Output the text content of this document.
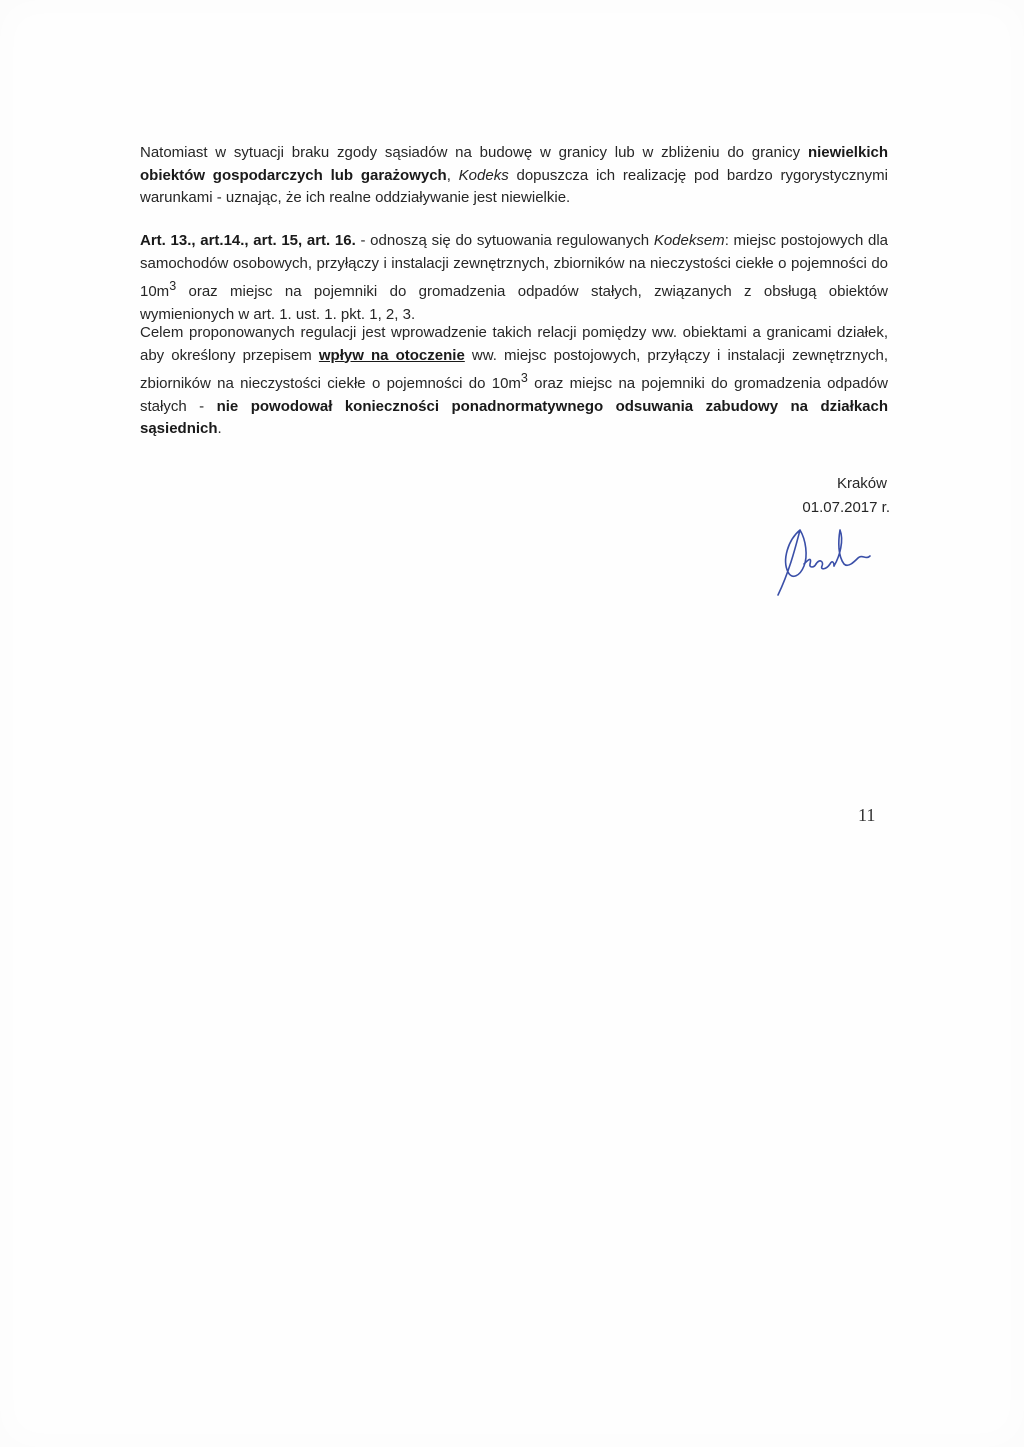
Natomiast w sytuacji braku zgody sąsiadów na budowę w granicy lub w zbliżeniu do granicy niewielkich obiektów gospodarczych lub garażowych, Kodeks dopuszcza ich realizację pod bardzo rygorystycznymi warunkami - uznając, że ich realne oddziaływanie jest niewielkie.

Art. 13., art.14., art. 15, art. 16. - odnoszą się do sytuowania regulowanych Kodeksem: miejsc postojowych dla samochodów osobowych, przyłączy i instalacji zewnętrznych, zbiorników na nieczystości ciekłe o pojemności do $10m^3$ oraz miejsc na pojemniki do gromadzenia odpadów stałych, związanych z obsługą obiektów wymienionych w art. 1. ust. 1. pkt. 1, 2, 3.

Celem proponowanych regulacji jest wprowadzenie takich relacji pomiędzy ww. obiektami a granicami działek, aby określony przepisem wpływ na otoczenie ww. miejsc postojowych, przyłączy i instalacji zewnętrznych, zbiorników na nieczystości ciekłe o pojemności do $10m^3$ oraz miejsc na pojemniki do gromadzenia odpadów stałych - nie powodował konieczności ponadnormatywnego odsuwania zabudowy na działkach sąsiednich.

Kraków
01.07.2017 r.
11
